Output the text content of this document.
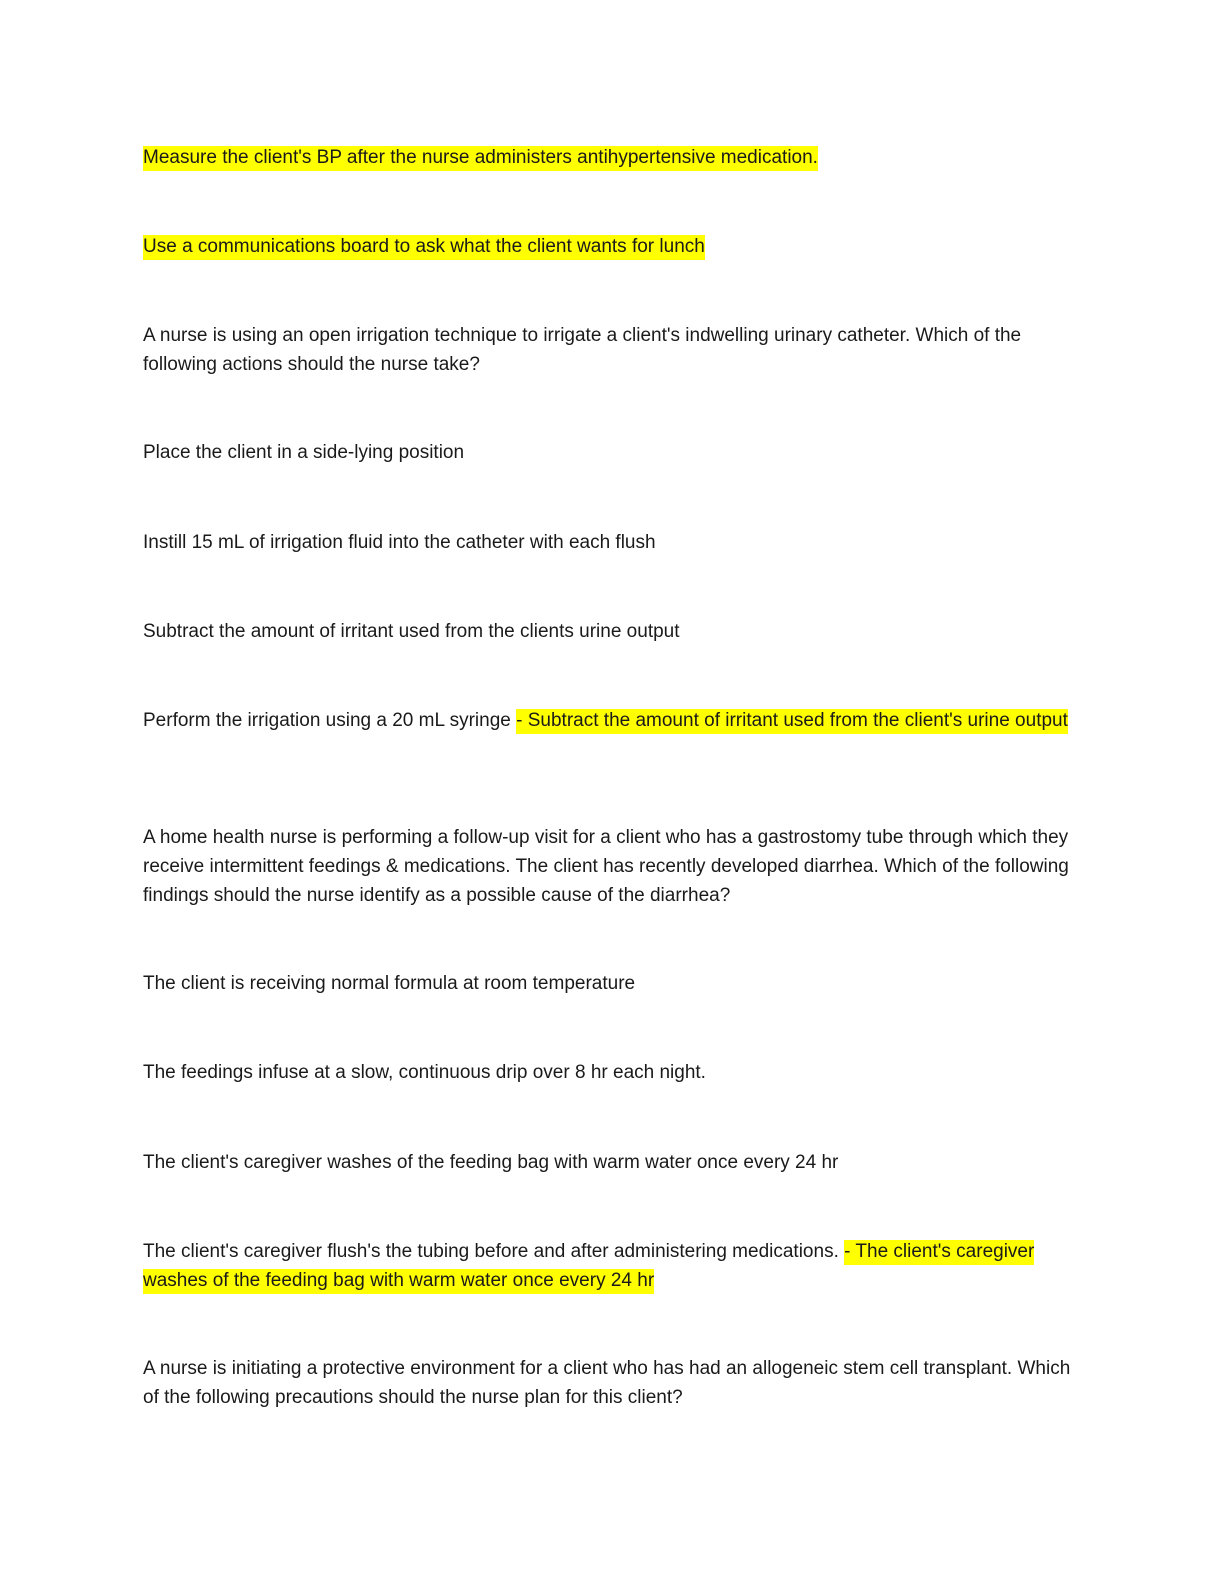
Measure the client's BP after the nurse administers antihypertensive medication.

Use a communications board to ask what the client wants for lunch

A nurse is using an open irrigation technique to irrigate a client's indwelling urinary catheter. Which of the following actions should the nurse take?

Place the client in a side-lying position

Instill 15 mL of irrigation fluid into the catheter with each flush

Subtract the amount of irritant used from the clients urine output

Perform the irrigation using a 20 mL syringe - Subtract the amount of irritant used from the client's urine output

A home health nurse is performing a follow-up visit for a client who has a gastrostomy tube through which they receive intermittent feedings & medications. The client has recently developed diarrhea. Which of the following findings should the nurse identify as a possible cause of the diarrhea?

The client is receiving normal formula at room temperature

The feedings infuse at a slow, continuous drip over 8 hr each night.

The client's caregiver washes of the feeding bag with warm water once every 24 hr

The client's caregiver flush's the tubing before and after administering medications. - The client's caregiver washes of the feeding bag with warm water once every 24 hr

A nurse is initiating a protective environment for a client who has had an allogeneic stem cell transplant. Which of the following precautions should the nurse plan for this client?
